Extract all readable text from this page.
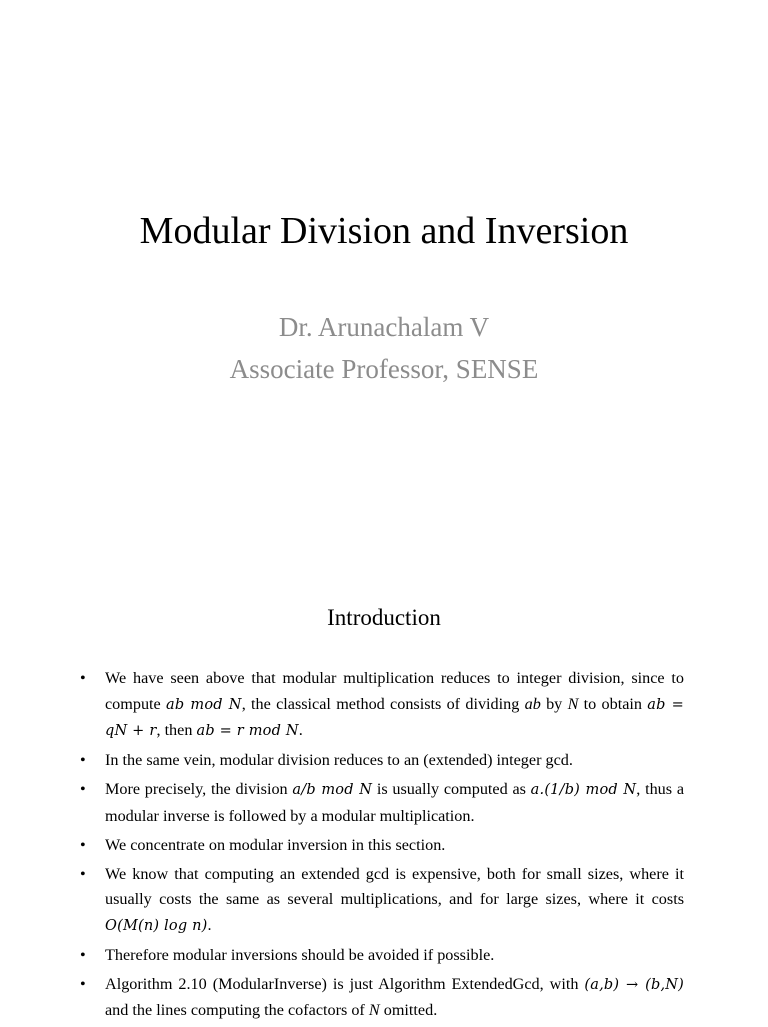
Modular Division and Inversion
Dr. Arunachalam V
Associate Professor, SENSE
Introduction
• We have seen above that modular multiplication reduces to integer division, since to compute ab mod N, the classical method consists of dividing ab by N to obtain ab = qN + r, then ab = r mod N.
• In the same vein, modular division reduces to an (extended) integer gcd.
• More precisely, the division a/b mod N is usually computed as a.(1/b) mod N, thus a modular inverse is followed by a modular multiplication.
• We concentrate on modular inversion in this section.
• We know that computing an extended gcd is expensive, both for small sizes, where it usually costs the same as several multiplications, and for large sizes, where it costs O(M(n) log n).
• Therefore modular inversions should be avoided if possible.
• Algorithm 2.10 (ModularInverse) is just Algorithm ExtendedGcd, with (a,b) → (b,N) and the lines computing the cofactors of N omitted.
